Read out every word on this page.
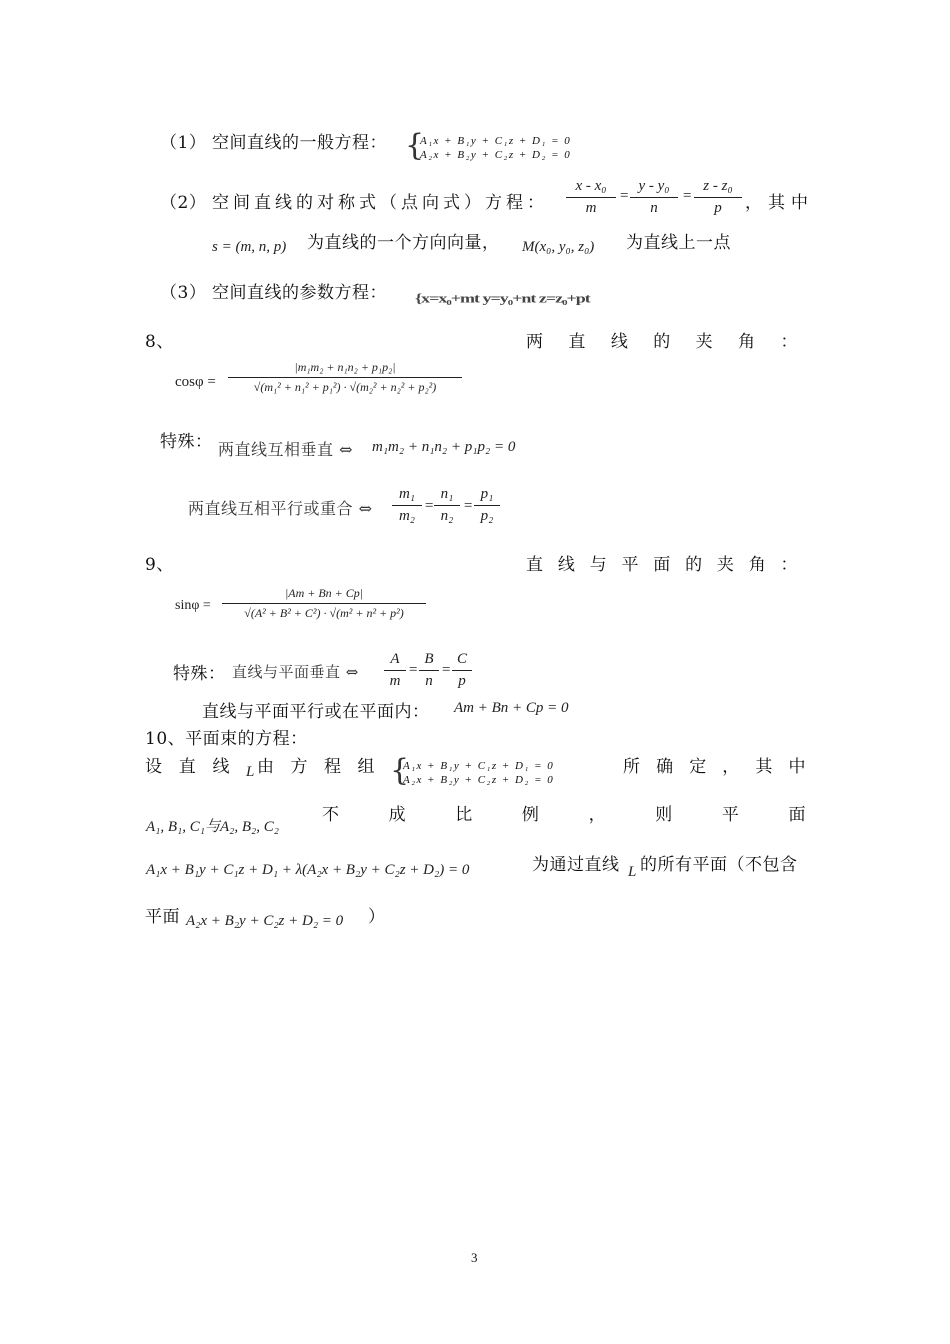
（1） 空间直线的一般方程： {
A₁x + B₁y + C₁z + D₁ = 0
A₂x + B₂y + C₂z + D₂ = 0
（2） 空间直线的对称式（点向式）方程：
x - x₀
m
=
y - y₀
n
=
z - z₀
p	，其中
s = (m, n, p) 为直线的一个方向向量， M(x₀, y₀, z₀) 为直线上一点
（3） 空间直线的参数方程： {x=x₀+mt y=y₀+nt z=z₀+pt
8、	两 直 线 的 夹 角 ：
cosφ =
|m₁m₂ + n₁n₂ + p₁p₂|
√(m₁² + n₁² + p₁²) · √(m₂² + n₂² + p₂²)
特殊： 两直线互相垂直 ⇔ m₁m₂ + n₁n₂ + p₁p₂ = 0
两直线互相平行或重合 ⇔
m₁
m₂
=
n₁
n₂
=
p₁
p₂
9、	直 线 与 平 面 的 夹 角 ：
sinφ =
|Am + Bn + Cp|
√(A² + B² + C²) · √(m² + n² + p²)
特殊： 直线与平面垂直 ⇔
A
m
=
B
n
=
C
p
直线与平面平行或在平面内： Am + Bn + Cp = 0
10、平面束的方程：
设 直 线 L 由 方 程 组 {
A₁x + B₁y + C₁z + D₁ = 0
A₂x + B₂y + C₂z + D₂ = 0
所 确 定 ， 其 中
A₁, B₁, C₁与A₂, B₂, C₂
不	成	比	例	，	则	平	面
A₁x + B₁y + C₁z + D₁ + λ(A₂x + B₂y + C₂z + D₂) = 0	为通过直线 L 的所有平面（不包含
平面 A₂x + B₂y + C₂z + D₂ = 0 ）
3
